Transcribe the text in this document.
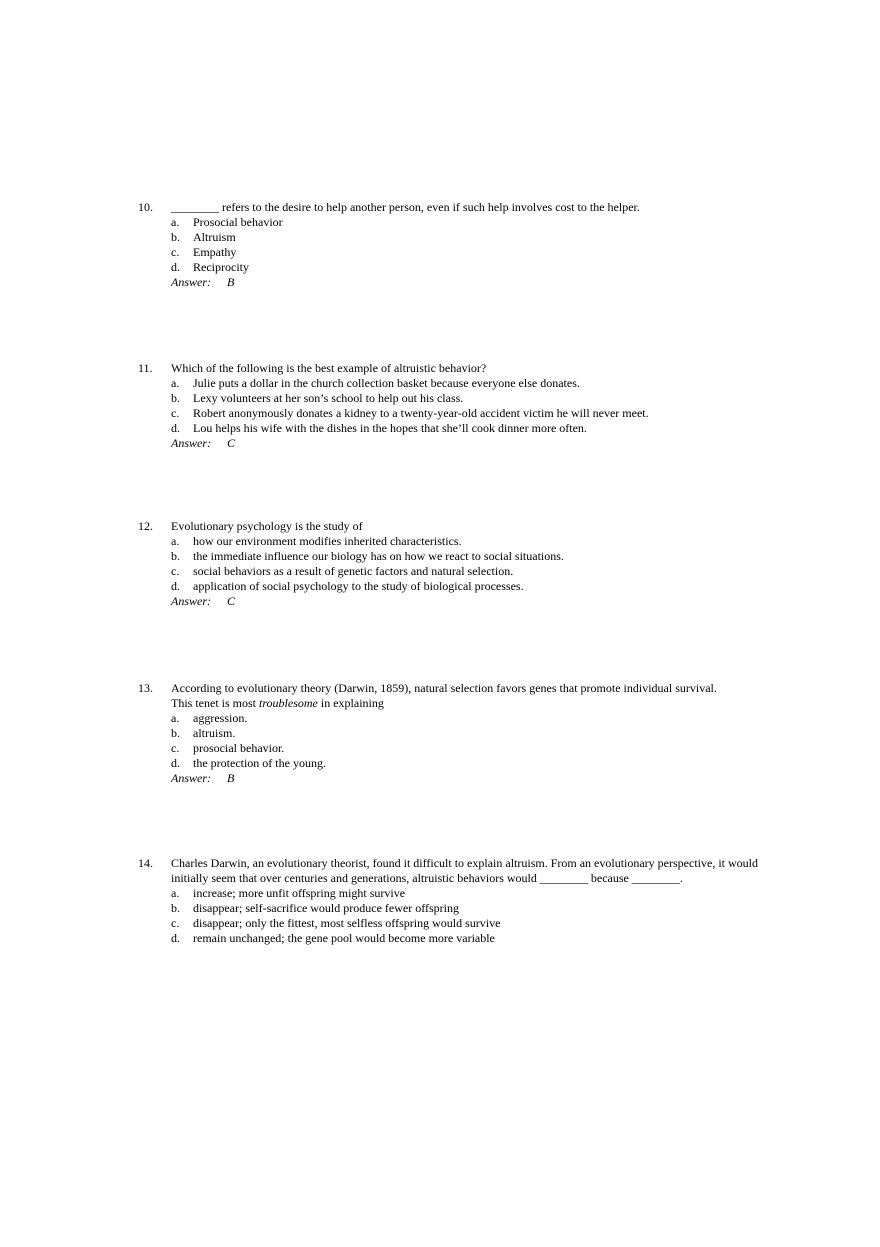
10.	________ refers to the desire to help another person, even if such help involves cost to the helper.
a.	Prosocial behavior
b.	Altruism
c.	Empathy
d.	Reciprocity
Answer: B
11.	Which of the following is the best example of altruistic behavior?
a.	Julie puts a dollar in the church collection basket because everyone else donates.
b.	Lexy volunteers at her son’s school to help out his class.
c.	Robert anonymously donates a kidney to a twenty-year-old accident victim he will never meet.
d.	Lou helps his wife with the dishes in the hopes that she’ll cook dinner more often.
Answer: C
12.	Evolutionary psychology is the study of
a.	how our environment modifies inherited characteristics.
b.	the immediate influence our biology has on how we react to social situations.
c.	social behaviors as a result of genetic factors and natural selection.
d.	application of social psychology to the study of biological processes.
Answer: C
13.	According to evolutionary theory (Darwin, 1859), natural selection favors genes that promote individual survival.
This tenet is most troublesome in explaining
a.	aggression.
b.	altruism.
c.	prosocial behavior.
d.	the protection of the young.
Answer: B
14.	Charles Darwin, an evolutionary theorist, found it difficult to explain altruism. From an evolutionary perspective, it would initially seem that over centuries and generations, altruistic behaviors would ________ because ________.
a.	increase; more unfit offspring might survive
b.	disappear; self-sacrifice would produce fewer offspring
c.	disappear; only the fittest, most selfless offspring would survive
d.	remain unchanged; the gene pool would become more variable
